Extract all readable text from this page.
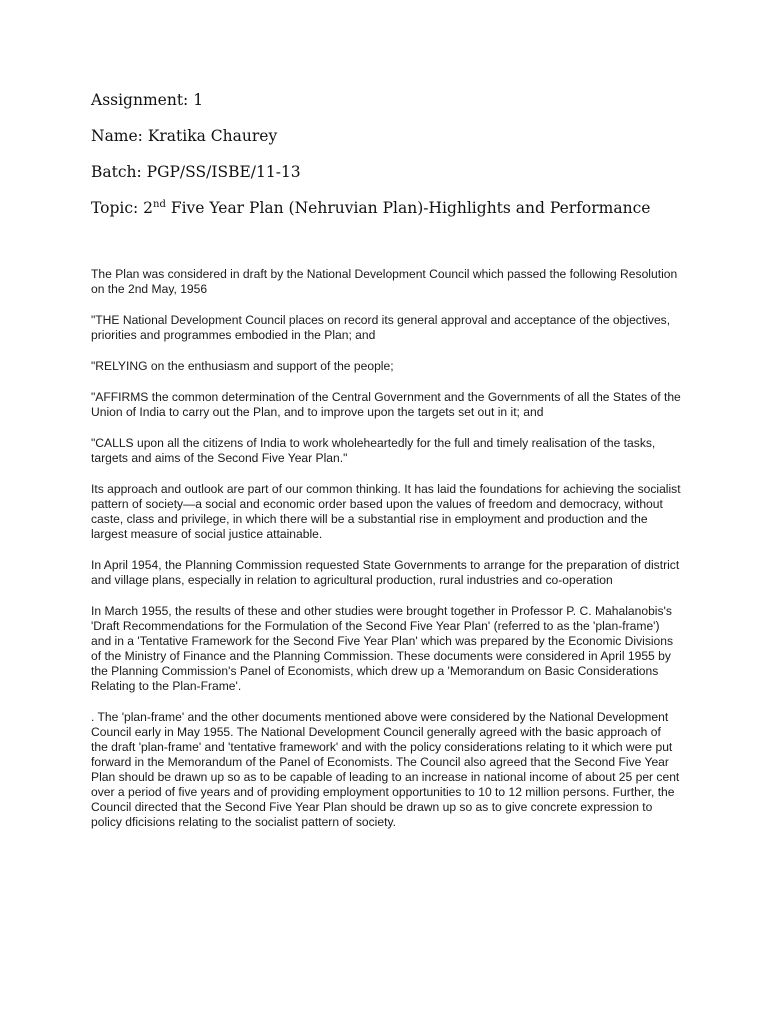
Assignment: 1
Name: Kratika Chaurey
Batch: PGP/SS/ISBE/11-13
Topic: 2nd Five Year Plan (Nehruvian Plan)-Highlights and Performance

The Plan was considered in draft by the National Development Council which passed the following Resolution on the 2nd May, 1956

"THE National Development Council places on record its general approval and acceptance of the objectives, priorities and programmes embodied in the Plan; and

"RELYING on the enthusiasm and support of the people;

"AFFIRMS the common determination of the Central Government and the Governments of all the States of the Union of India to carry out the Plan, and to improve upon the targets set out in it; and

"CALLS upon all the citizens of India to work wholeheartedly for the full and timely realisation of the tasks, targets and aims of the Second Five Year Plan."

Its approach and outlook are part of our common thinking. It has laid the foundations for achieving the socialist pattern of society—a social and economic order based upon the values of freedom and democracy, without caste, class and privilege, in which there will be a substantial rise in employment and production and the largest measure of social justice attainable.

In April 1954, the Planning Commission requested State Governments to arrange for the preparation of district and village plans, especially in relation to agricultural production, rural industries and co-operation

In March 1955, the results of these and other studies were brought together in Professor P. C. Mahalanobis's 'Draft Recommendations for the Formulation of the Second Five Year Plan' (referred to as the 'plan-frame') and in a 'Tentative Framework for the Second Five Year Plan' which was prepared by the Economic Divisions of the Ministry of Finance and the Planning Commission. These documents were considered in April 1955 by the Planning Commission's Panel of Economists, which drew up a 'Memorandum on Basic Considerations Relating to the Plan-Frame'.

. The 'plan-frame' and the other documents mentioned above were considered by the National Development Council early in May 1955. The National Development Council generally agreed with the basic approach of the draft 'plan-frame' and 'tentative framework' and with the policy considerations relating to it which were put forward in the Memorandum of the Panel of Economists. The Council also agreed that the Second Five Year Plan should be drawn up so as to be capable of leading to an increase in national income of about 25 per cent over a period of five years and of providing employment opportunities to 10 to 12 million persons. Further, the Council directed that the Second Five Year Plan should be drawn up so as to give concrete expression to policy dficisions relating to the socialist pattern of society.
